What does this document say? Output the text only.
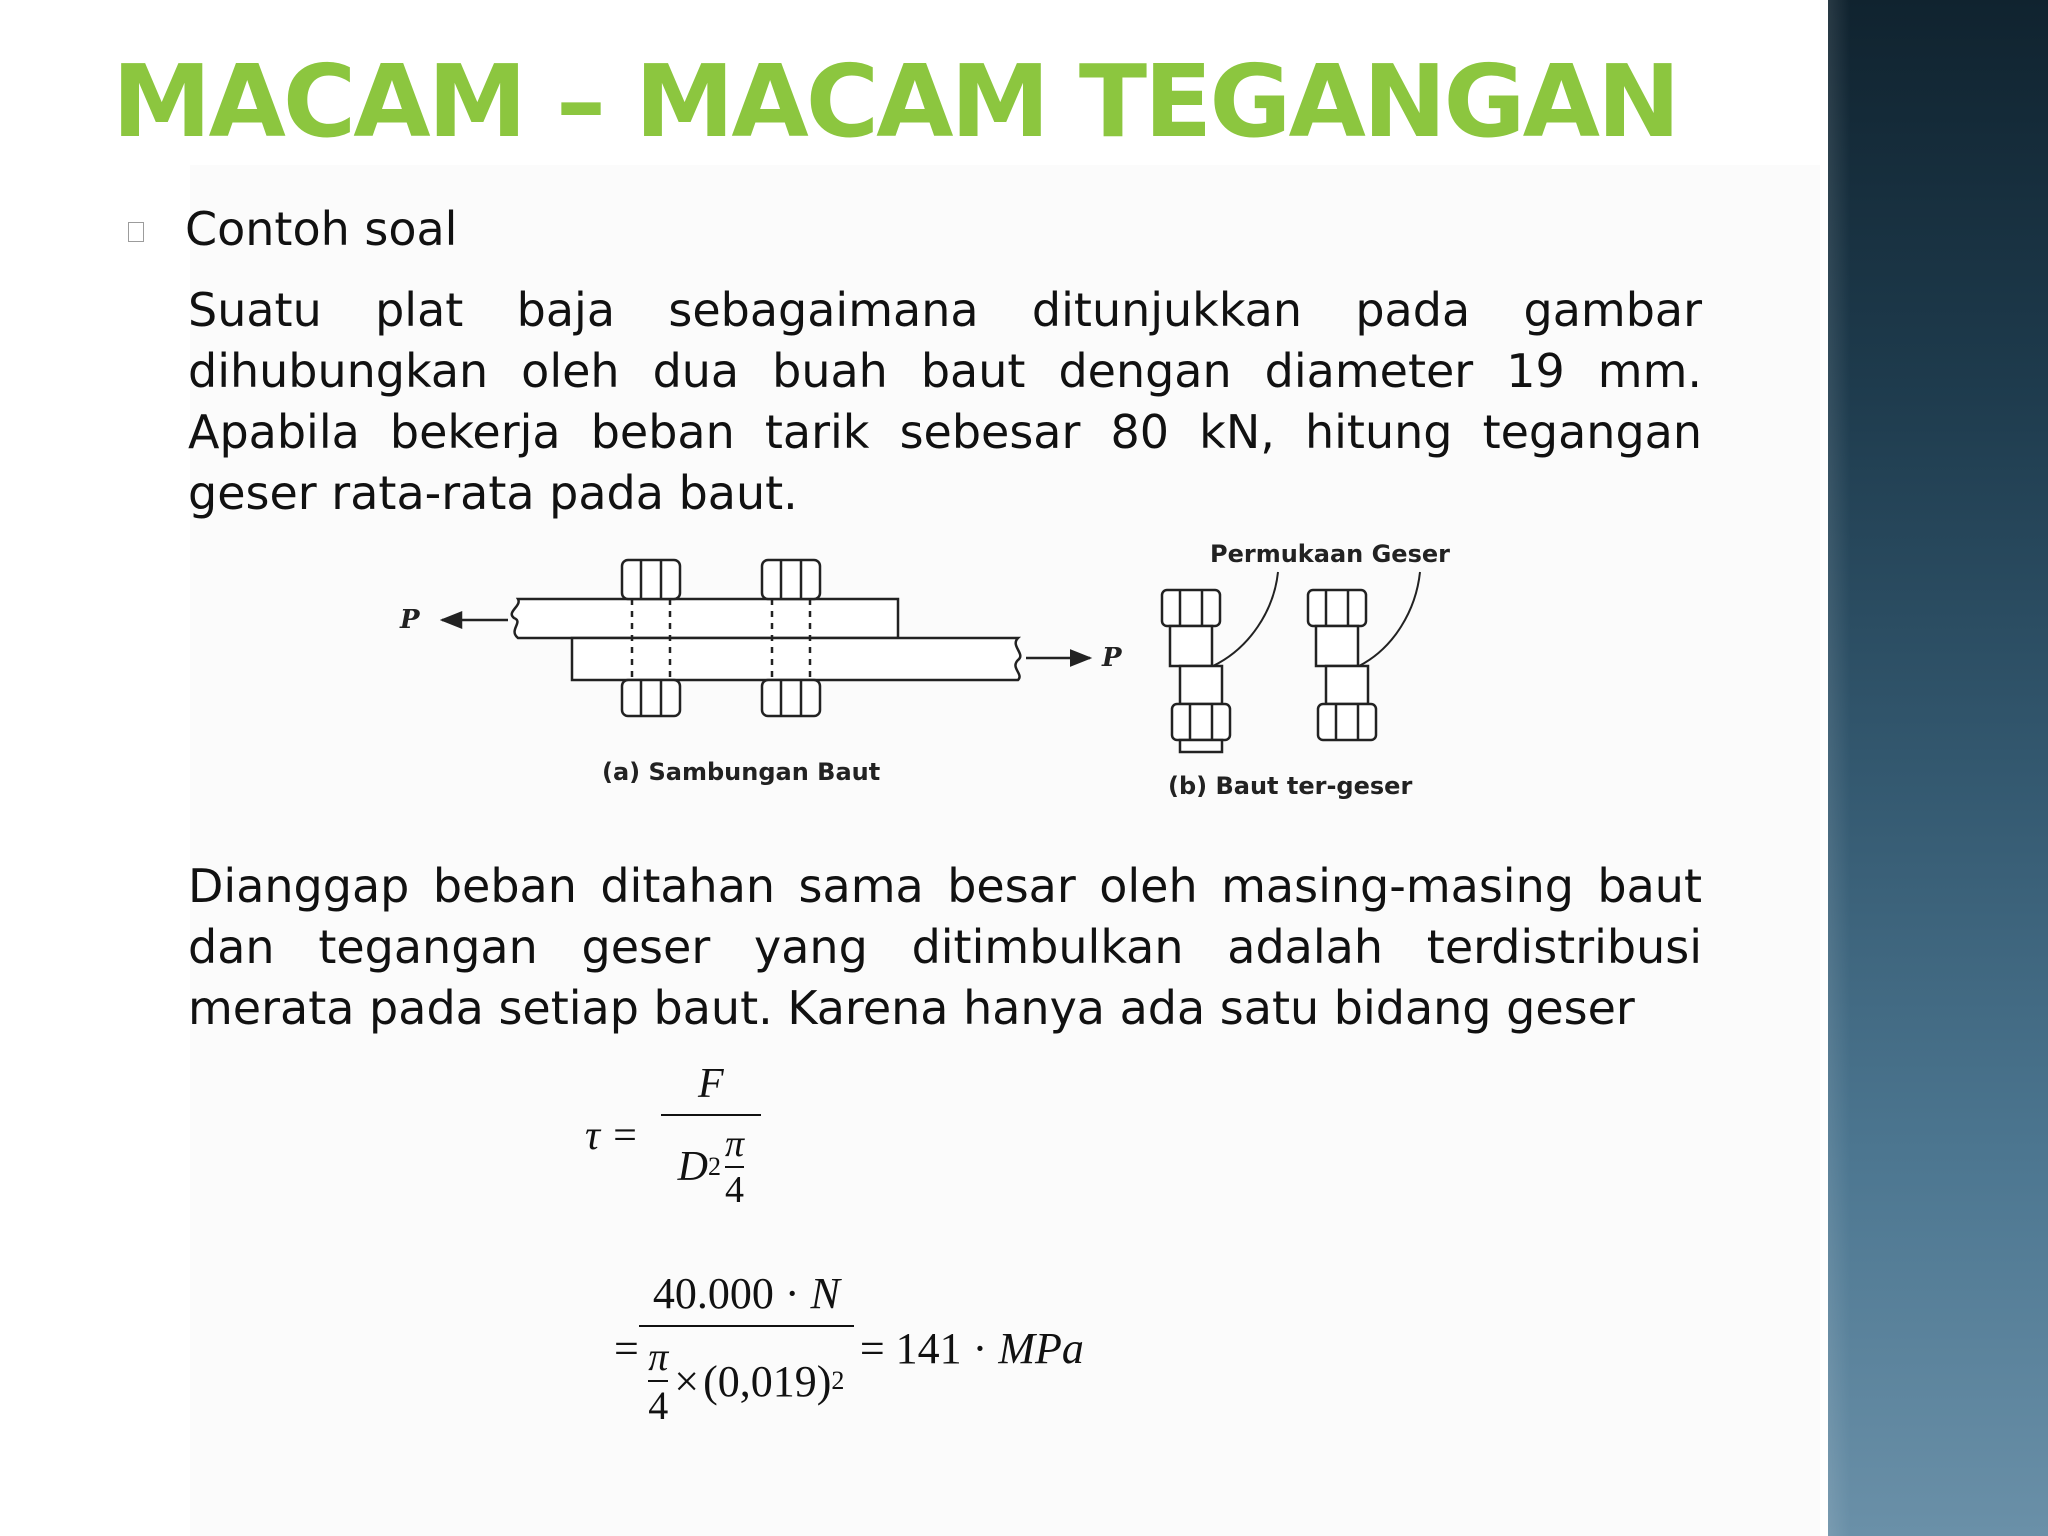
MACAM – MACAM TEGANGAN
Contoh soal

Suatu plat baja sebagaimana ditunjukkan pada gambar dihubungkan oleh dua buah baut dengan diameter 19 mm. Apabila bekerja beban tarik sebesar 80 kN, hitung tegangan geser rata-rata pada baut.

P
P
(a) Sambungan Baut	(b) Baut ter-geser
Permukaan Geser

Dianggap beban ditahan sama besar oleh masing-masing baut dan tegangan geser yang ditimbulkan adalah terdistribusi merata pada setiap baut. Karena hanya ada satu bidang geser

$\tau = \frac{F}{D 2 \frac{\pi}{4}}$
= $\frac{40.000 \cdot N}{\frac{\pi}{4} \times (0,019) 2} = 141$ · MPa
